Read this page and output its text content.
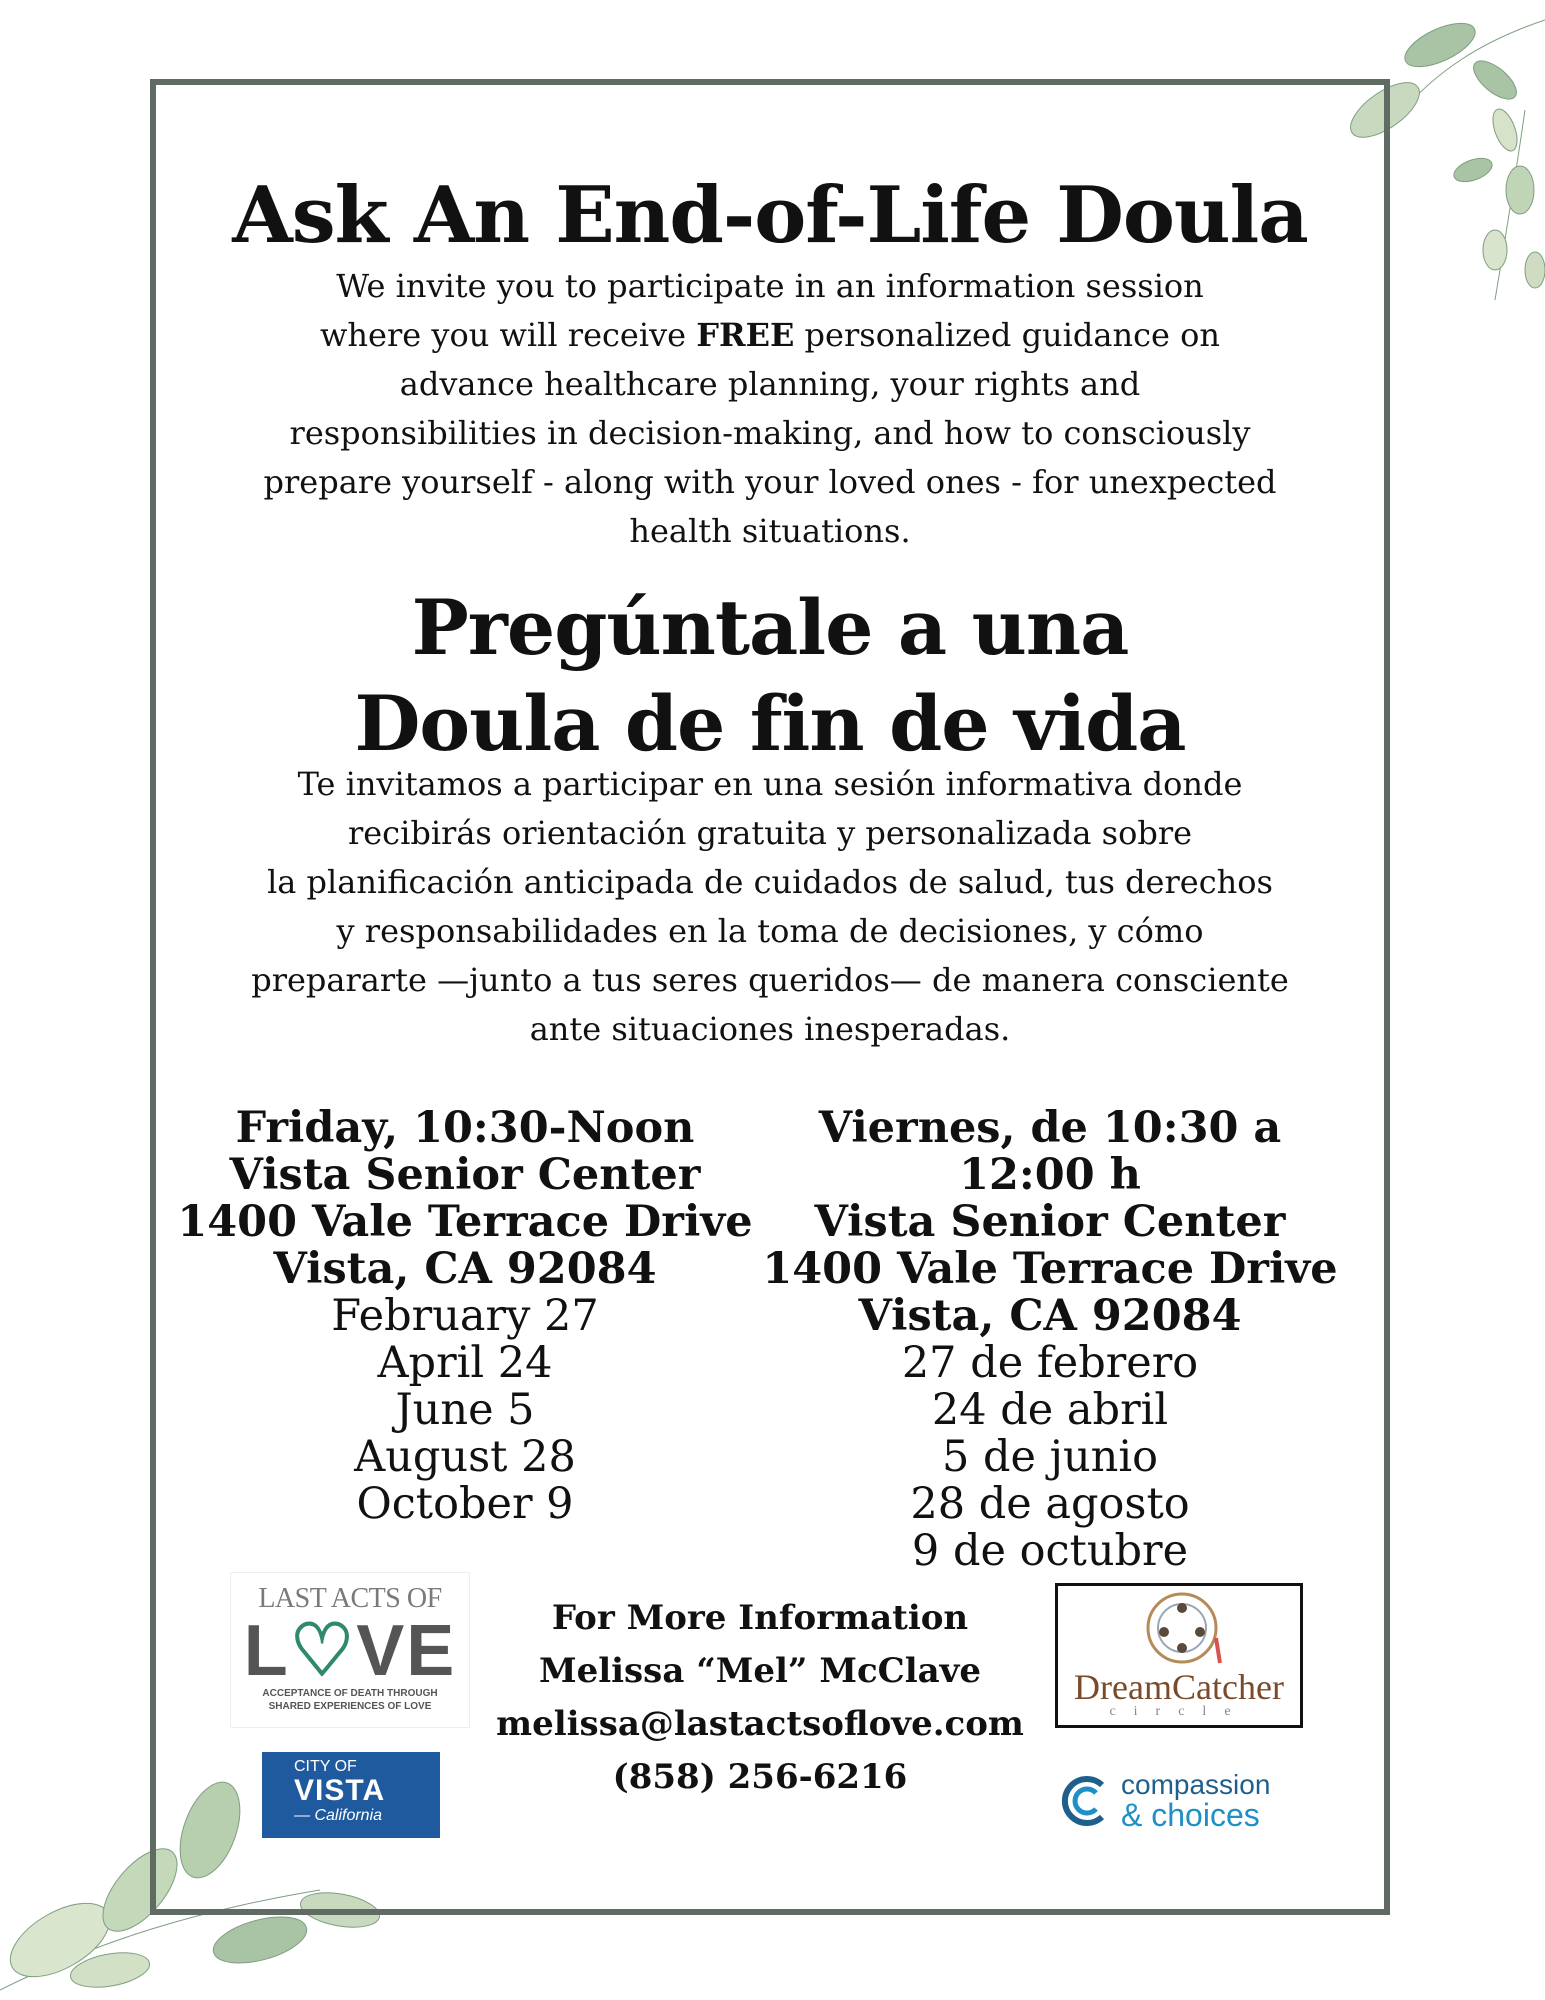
Ask An End-of-Life Doula
We invite you to participate in an information session
where you will receive FREE personalized guidance on
advance healthcare planning, your rights and
responsibilities in decision-making, and how to consciously
prepare yourself - along with your loved ones - for unexpected
health situations.
Pregúntale a una
Doula de fin de vida
Te invitamos a participar en una sesión informativa donde
recibirás orientación gratuita y personalizada sobre
la planificación anticipada de cuidados de salud, tus derechos
y responsabilidades en la toma de decisiones, y cómo
prepararte —junto a tus seres queridos— de manera consciente
ante situaciones inesperadas.
Friday, 10:30-Noon
Vista Senior Center
1400 Vale Terrace Drive
Vista, CA 92084
February 27
April 24
June 5
August 28
October 9
Viernes, de 10:30 a 12:00 h
Vista Senior Center
1400 Vale Terrace Drive
Vista, CA 92084
27 de febrero
24 de abril
5 de junio
28 de agosto
9 de octubre
LAST ACTS OF
L♡VE
ACCEPTANCE OF DEATH THROUGH
SHARED EXPERIENCES OF LOVE
CITY OF
VISTA
— California
For More Information
Melissa “Mel” McClave
melissa@lastactsoflove.com
(858) 256-6216
DreamCatcher
circle
compassion
& choices
